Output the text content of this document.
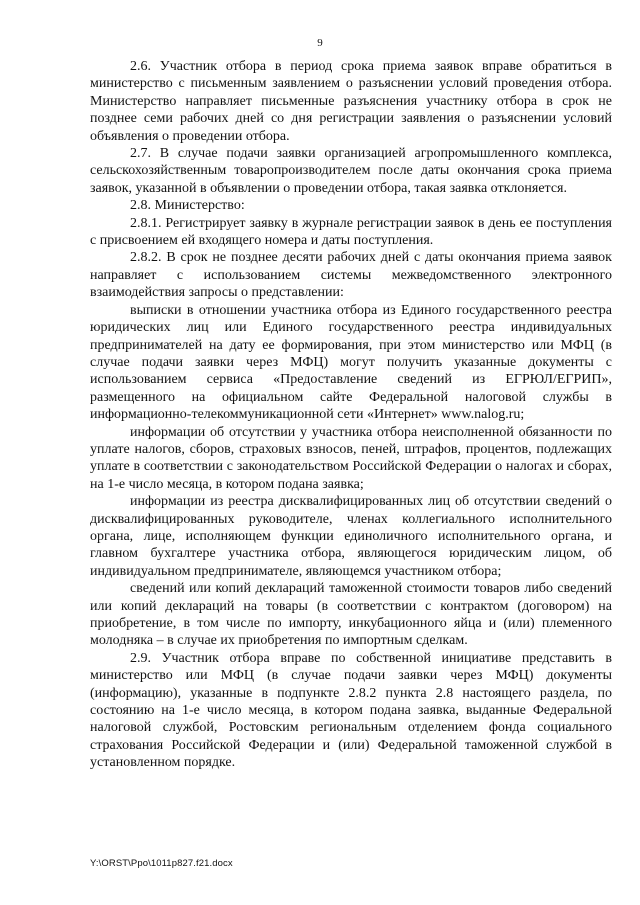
9

2.6. Участник отбора в период срока приема заявок вправе обратиться в министерство с письменным заявлением о разъяснении условий проведения отбора. Министерство направляет письменные разъяснения участнику отбора в срок не позднее семи рабочих дней со дня регистрации заявления о разъяснении условий объявления о проведении отбора.

2.7. В случае подачи заявки организацией агропромышленного комплекса, сельскохозяйственным товаропроизводителем после даты окончания срока приема заявок, указанной в объявлении о проведении отбора, такая заявка отклоняется.

2.8. Министерство:

2.8.1. Регистрирует заявку в журнале регистрации заявок в день ее поступления с присвоением ей входящего номера и даты поступления.

2.8.2. В срок не позднее десяти рабочих дней с даты окончания приема заявок направляет с использованием системы межведомственного электронного взаимодействия запросы о представлении:

выписки в отношении участника отбора из Единого государственного реестра юридических лиц или Единого государственного реестра индивидуальных предпринимателей на дату ее формирования, при этом министерство или МФЦ (в случае подачи заявки через МФЦ) могут получить указанные документы с использованием сервиса «Предоставление сведений из ЕГРЮЛ/ЕГРИП», размещенного на официальном сайте Федеральной налоговой службы в информационно-телекоммуникационной сети «Интернет» www.nalog.ru;

информации об отсутствии у участника отбора неисполненной обязанности по уплате налогов, сборов, страховых взносов, пеней, штрафов, процентов, подлежащих уплате в соответствии с законодательством Российской Федерации о налогах и сборах, на 1-е число месяца, в котором подана заявка;

информации из реестра дисквалифицированных лиц об отсутствии сведений о дисквалифицированных руководителе, членах коллегиального исполнительного органа, лице, исполняющем функции единоличного исполнительного органа, и главном бухгалтере участника отбора, являющегося юридическим лицом, об индивидуальном предпринимателе, являющемся участником отбора;

сведений или копий деклараций таможенной стоимости товаров либо сведений или копий деклараций на товары (в соответствии с контрактом (договором) на приобретение, в том числе по импорту, инкубационного яйца и (или) племенного молодняка – в случае их приобретения по импортным сделкам.

2.9. Участник отбора вправе по собственной инициативе представить в министерство или МФЦ (в случае подачи заявки через МФЦ) документы (информацию), указанные в подпункте 2.8.2 пункта 2.8 настоящего раздела, по состоянию на 1-е число месяца, в котором подана заявка, выданные Федеральной налоговой службой, Ростовским региональным отделением фонда социального страхования Российской Федерации и (или) Федеральной таможенной службой в установленном порядке.

Y:\ORST\Ppo\1011p827.f21.docx
